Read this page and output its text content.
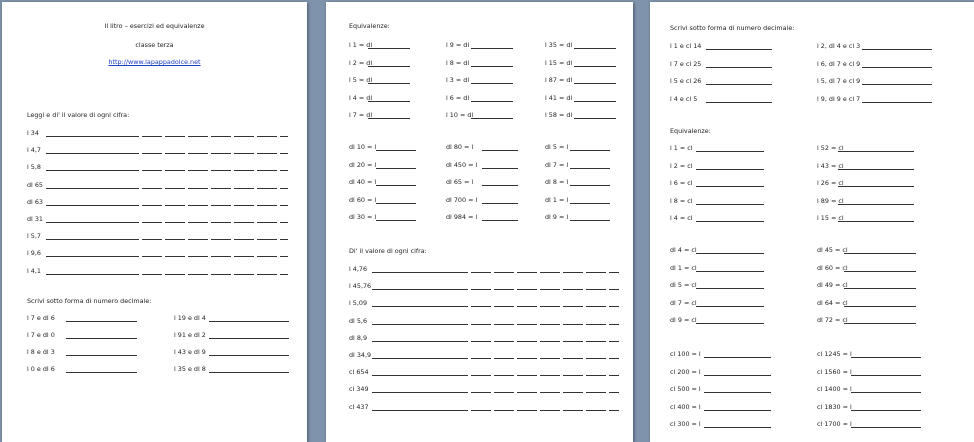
Il litro – esercizi ed equivalenze
classe terza
http://www.lapappadolce.net
Leggi e di' il valore di ogni cifra:
Scrivi sotto forma di numero decimale:
l 34
l 4,7
l 5,8
dl 65
dl 63
dl 31
l 5,7
l 9,6
l 4,1
l 7 e dl 6
l 7 e dl 0
l 8 e dl 3
l 0 e dl 6
l 19 e dl 4
l 91 e dl 2
l 43 e dl 9
l 35 e dl 8
Equivalenze:
Di' il valore di ogni cifra:
l 1 = dl
l 2 = dl
l 5 = dl
l 4 = dl
l 7 = dl
l 9 = dl
l 8 = dl
l 3 = dl
l 6 = dl
l 10 = dl
l 35 = dl
l 15 = dl
l 87 = dl
l 41 = dl
l 58 = dl
dl 10 = l
dl 20 = l
dl 40 = l
dl 60 = l
dl 30 = l
dl 80 = l
dl 450 = l
dl 65 = l
dl 700 = l
dl 984 = l
dl 5 = l
dl 7 = l
dl 8 = l
dl 1 = l
dl 9 = l
l 4,76
l 45,76
l 5,09
dl 5,6
dl 8,9
dl 34,9
cl 654
cl 349
cl 437
Scrivi sotto forma di numero decimale:
Equivalenze:
l 1 e cl 14
l 7 e cl 25
l 5 e cl 26
l 4 e cl 5
l 2, dl 4 e cl 3
l 6, dl 7 e cl 9
l 5, dl 7 e cl 9
l 9, dl 9 e cl 7
l 1 = cl
l 2 = cl
l 6 = cl
l 8 = cl
l 4 = cl
l 52 = cl
l 43 = cl
l 26 = cl
l 89 = cl
l 15 = cl
dl 4 = cl
dl 1 = cl
dl 5 = cl
dl 7 = cl
dl 9 = cl
dl 45 = cl
dl 60 = cl
dl 49 = cl
dl 64 = cl
dl 72 = cl
cl 100 = l
cl 200 = l
cl 500 = l
cl 400 = l
cl 300 = l
cl 1245 = l
cl 1560 = l
cl 1400 = l
cl 1830 = l
cl 1700 = l
